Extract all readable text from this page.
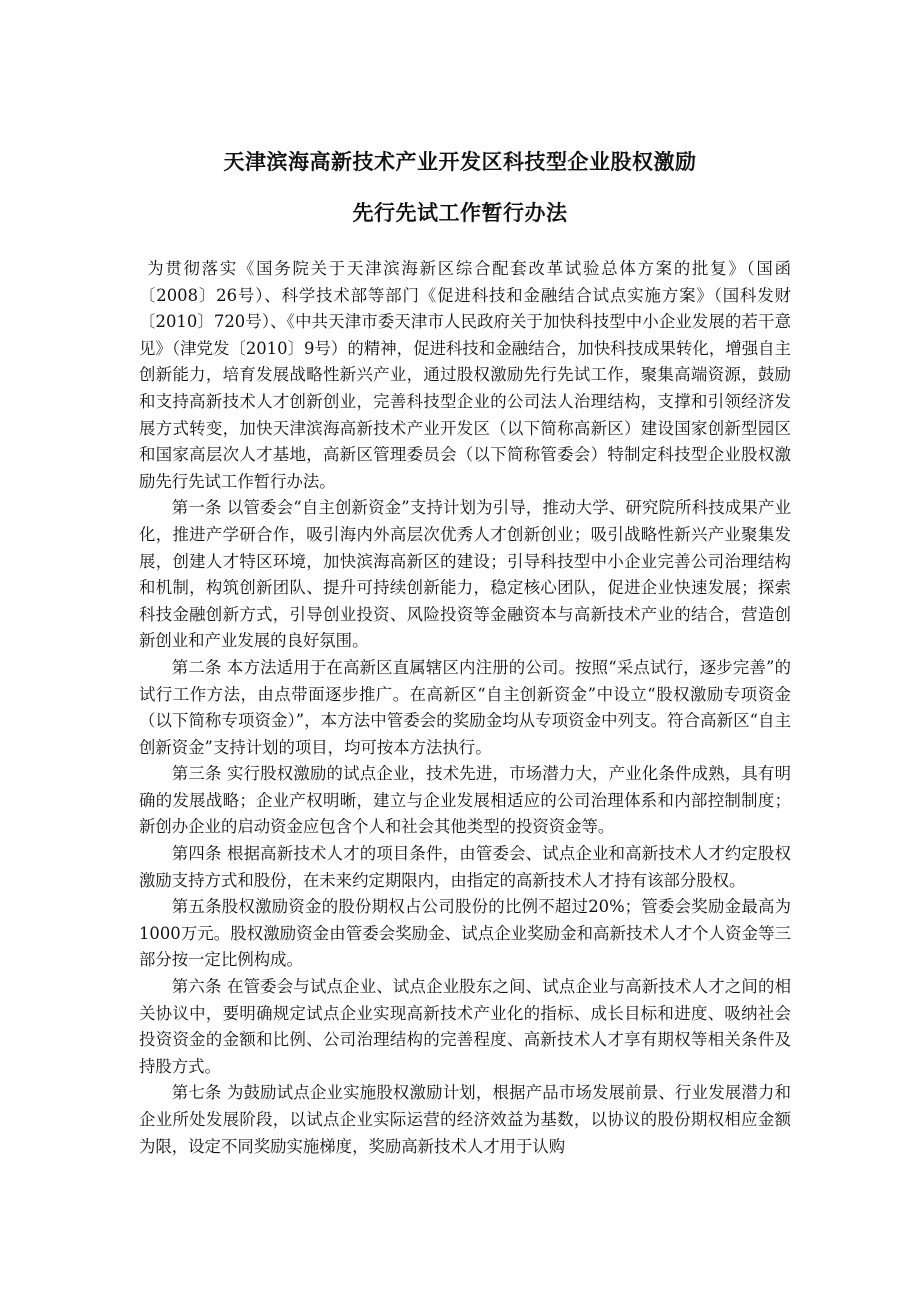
天津滨海高新技术产业开发区科技型企业股权激励
先行先试工作暂行办法

为贯彻落实《国务院关于天津滨海新区综合配套改革试验总体方案的批复》（国函〔2008〕26号）、科学技术部等部门《促进科技和金融结合试点实施方案》（国科发财〔2010〕720号）、《中共天津市委天津市人民政府关于加快科技型中小企业发展的若干意见》（津党发〔2010〕9号）的精神，促进科技和金融结合，加快科技成果转化，增强自主创新能力，培育发展战略性新兴产业，通过股权激励先行先试工作，聚集高端资源，鼓励和支持高新技术人才创新创业，完善科技型企业的公司法人治理结构，支撑和引领经济发展方式转变，加快天津滨海高新技术产业开发区（以下简称高新区）建设国家创新型园区和国家高层次人才基地，高新区管理委员会（以下简称管委会）特制定科技型企业股权激励先行先试工作暂行办法。

第一条 以管委会“自主创新资金”支持计划为引导，推动大学、研究院所科技成果产业化，推进产学研合作，吸引海内外高层次优秀人才创新创业；吸引战略性新兴产业聚集发展，创建人才特区环境，加快滨海高新区的建设；引导科技型中小企业完善公司治理结构和机制，构筑创新团队、提升可持续创新能力，稳定核心团队，促进企业快速发展；探索科技金融创新方式，引导创业投资、风险投资等金融资本与高新技术产业的结合，营造创新创业和产业发展的良好氛围。

第二条 本方法适用于在高新区直属辖区内注册的公司。按照“采点试行，逐步完善”的试行工作方法，由点带面逐步推广。在高新区“自主创新资金”中设立“股权激励专项资金（以下简称专项资金）”，本方法中管委会的奖励金均从专项资金中列支。符合高新区“自主创新资金”支持计划的项目，均可按本方法执行。

第三条 实行股权激励的试点企业，技术先进，市场潜力大，产业化条件成熟，具有明确的发展战略；企业产权明晰，建立与企业发展相适应的公司治理体系和内部控制制度；新创办企业的启动资金应包含个人和社会其他类型的投资资金等。

第四条 根据高新技术人才的项目条件，由管委会、试点企业和高新技术人才约定股权激励支持方式和股份，在未来约定期限内，由指定的高新技术人才持有该部分股权。

第五条股权激励资金的股份期权占公司股份的比例不超过20%；管委会奖励金最高为1000万元。股权激励资金由管委会奖励金、试点企业奖励金和高新技术人才个人资金等三部分按一定比例构成。

第六条 在管委会与试点企业、试点企业股东之间、试点企业与高新技术人才之间的相关协议中，要明确规定试点企业实现高新技术产业化的指标、成长目标和进度、吸纳社会投资资金的金额和比例、公司治理结构的完善程度、高新技术人才享有期权等相关条件及持股方式。

第七条 为鼓励试点企业实施股权激励计划，根据产品市场发展前景、行业发展潜力和企业所处发展阶段，以试点企业实际运营的经济效益为基数，以协议的股份期权相应金额为限，设定不同奖励实施梯度，奖励高新技术人才用于认购
